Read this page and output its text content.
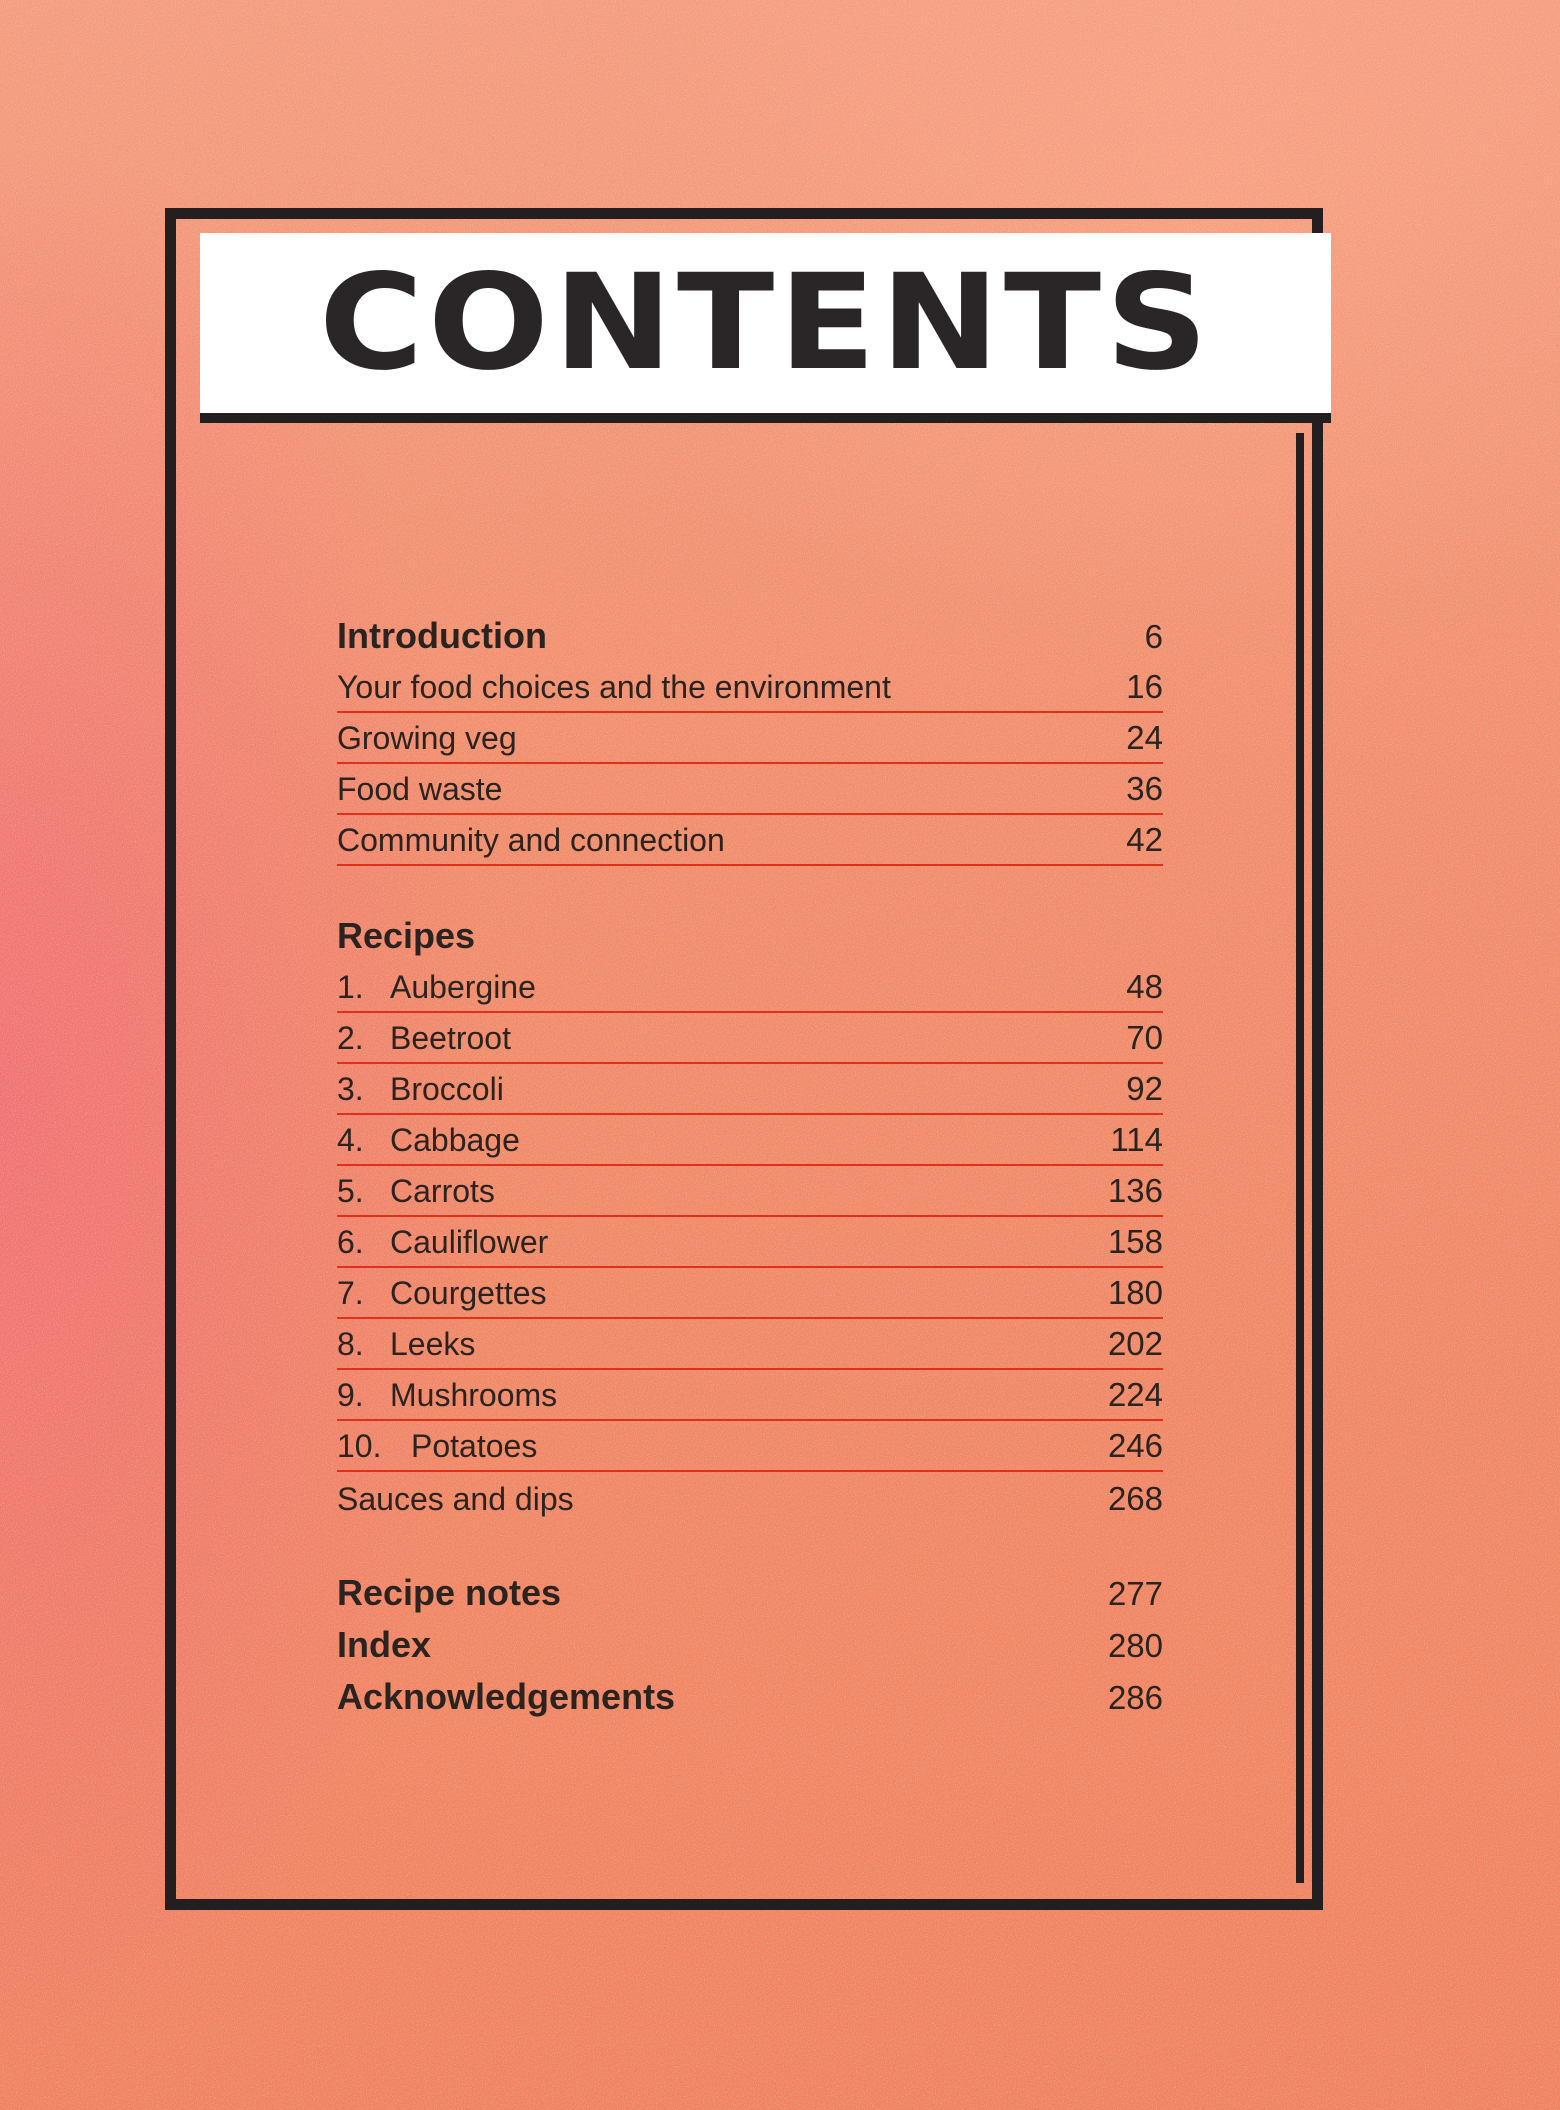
CONTENTS
Introduction	6
Your food choices and the environment	16
Growing veg	24
Food waste	36
Community and connection	42
Recipes
1. Aubergine	48
2. Beetroot	70
3. Broccoli	92
4. Cabbage	114
5. Carrots	136
6. Cauliflower	158
7. Courgettes	180
8. Leeks	202
9. Mushrooms	224
10. Potatoes	246
Sauces and dips	268
Recipe notes	277
Index	280
Acknowledgements	286
